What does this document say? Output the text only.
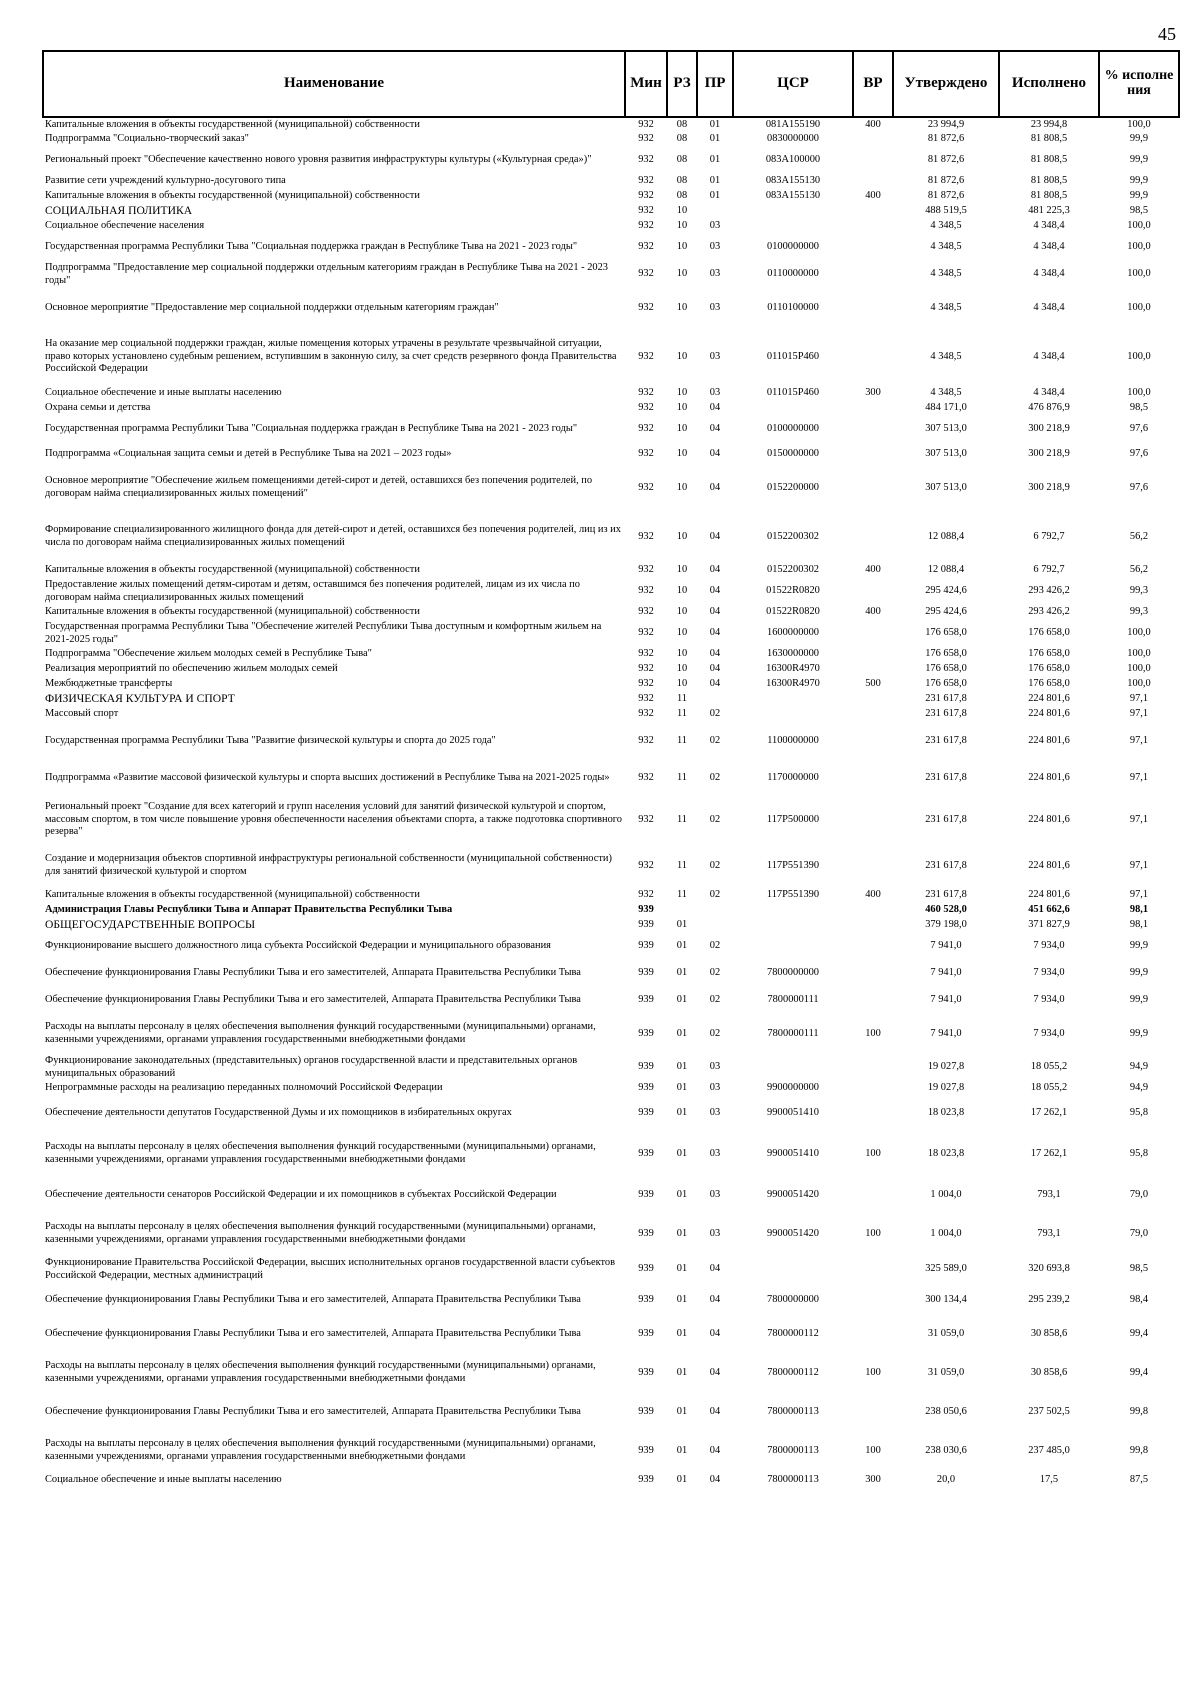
45
Наименование	Мин	РЗ	ПР	ЦСР	ВР	Утверждено	Исполнено	% исполне ния
Капитальные вложения в объекты государственной (муниципальной) собственности	932	08	01	081A155190	400	23 994,9	23 994,8	100,0
Подпрограмма "Социально-творческий заказ"	932	08	01	0830000000		81 872,6	81 808,5	99,9
Региональный проект "Обеспечение качественно нового уровня развития инфраструктуры культуры («Культурная среда»)"	932	08	01	083A100000		81 872,6	81 808,5	99,9
Развитие сети учреждений культурно-досугового типа	932	08	01	083A155130		81 872,6	81 808,5	99,9
Капитальные вложения в объекты государственной (муниципальной) собственности	932	08	01	083A155130	400	81 872,6	81 808,5	99,9
СОЦИАЛЬНАЯ ПОЛИТИКА	932	10				488 519,5	481 225,3	98,5
Социальное обеспечение населения	932	10	03			4 348,5	4 348,4	100,0
Государственная программа Республики Тыва "Социальная поддержка граждан в Республике Тыва на 2021 - 2023 годы"	932	10	03	0100000000		4 348,5	4 348,4	100,0
Подпрограмма "Предоставление мер социальной поддержки отдельным категориям граждан в Республике Тыва на 2021 - 2023 годы"	932	10	03	0110000000		4 348,5	4 348,4	100,0
Основное мероприятие "Предоставление мер социальной поддержки отдельным категориям граждан"	932	10	03	0110100000		4 348,5	4 348,4	100,0
На оказание мер социальной поддержки граждан, жилые помещения которых утрачены в результате чрезвычайной ситуации, право которых установлено судебным решением, вступившим в законную силу, за счет средств резервного фонда Правительства Российской Федерации	932	10	03	011015P460		4 348,5	4 348,4	100,0
Социальное обеспечение и иные выплаты населению	932	10	03	011015P460	300	4 348,5	4 348,4	100,0
Охрана семьи и детства	932	10	04			484 171,0	476 876,9	98,5
Государственная программа Республики Тыва "Социальная поддержка граждан в Республике Тыва на 2021 - 2023 годы"	932	10	04	0100000000		307 513,0	300 218,9	97,6
Подпрограмма «Социальная защита семьи и детей в Республике Тыва на 2021 – 2023 годы»	932	10	04	0150000000		307 513,0	300 218,9	97,6
Основное мероприятие "Обеспечение жильем помещениями детей-сирот и детей, оставшихся без попечения родителей, по договорам найма специализированных жилых помещений"	932	10	04	0152200000		307 513,0	300 218,9	97,6
Формирование специализированного жилищного фонда для детей-сирот и детей, оставшихся без попечения родителей, лиц из их числа по договорам найма специализированных жилых помещений	932	10	04	0152200302		12 088,4	6 792,7	56,2
Капитальные вложения в объекты государственной (муниципальной) собственности	932	10	04	0152200302	400	12 088,4	6 792,7	56,2
Предоставление жилых помещений детям-сиротам и детям, оставшимся без попечения родителей, лицам из их числа по договорам найма специализированных жилых помещений	932	10	04	01522R0820		295 424,6	293 426,2	99,3
Капитальные вложения в объекты государственной (муниципальной) собственности	932	10	04	01522R0820	400	295 424,6	293 426,2	99,3
Государственная программа Республики Тыва "Обеспечение жителей Республики Тыва доступным и комфортным жильем на 2021-2025 годы"	932	10	04	1600000000		176 658,0	176 658,0	100,0
Подпрограмма "Обеспечение жильем молодых семей в Республике Тыва"	932	10	04	1630000000		176 658,0	176 658,0	100,0
Реализация мероприятий по обеспечению жильем молодых семей	932	10	04	16300R4970		176 658,0	176 658,0	100,0
Межбюджетные трансферты	932	10	04	16300R4970	500	176 658,0	176 658,0	100,0
ФИЗИЧЕСКАЯ КУЛЬТУРА И СПОРТ	932	11				231 617,8	224 801,6	97,1
Массовый спорт	932	11	02			231 617,8	224 801,6	97,1
Государственная программа Республики Тыва "Развитие физической культуры и спорта до 2025 года"	932	11	02	1100000000		231 617,8	224 801,6	97,1
Подпрограмма «Развитие массовой физической культуры и спорта высших достижений в Республике Тыва на 2021-2025 годы»	932	11	02	1170000000		231 617,8	224 801,6	97,1
Региональный проект "Создание для всех категорий и групп населения условий для занятий физической культурой и спортом, массовым спортом, в том числе повышение уровня обеспеченности населения объектами спорта, а также подготовка спортивного резерва"	932	11	02	117P500000		231 617,8	224 801,6	97,1
Создание и модернизация объектов спортивной инфраструктуры региональной собственности (муниципальной собственности) для занятий физической культурой и спортом	932	11	02	117P551390		231 617,8	224 801,6	97,1
Капитальные вложения в объекты государственной (муниципальной) собственности	932	11	02	117P551390	400	231 617,8	224 801,6	97,1
Администрация Главы Республики Тыва и Аппарат Правительства Республики Тыва	939					460 528,0	451 662,6	98,1
ОБЩЕГОСУДАРСТВЕННЫЕ ВОПРОСЫ	939	01				379 198,0	371 827,9	98,1
Функционирование высшего должностного лица субъекта Российской Федерации и муниципального образования	939	01	02			7 941,0	7 934,0	99,9
Обеспечение функционирования Главы Республики Тыва и его заместителей, Аппарата Правительства Республики Тыва	939	01	02	7800000000		7 941,0	7 934,0	99,9
Обеспечение функционирования Главы Республики Тыва и его заместителей, Аппарата Правительства Республики Тыва	939	01	02	7800000111		7 941,0	7 934,0	99,9
Расходы на выплаты персоналу в целях обеспечения выполнения функций государственными (муниципальными) органами, казенными учреждениями, органами управления государственными внебюджетными фондами	939	01	02	7800000111	100	7 941,0	7 934,0	99,9
Функционирование законодательных (представительных) органов государственной власти и представительных органов муниципальных образований	939	01	03			19 027,8	18 055,2	94,9
Непрограммные расходы на реализацию переданных полномочий Российской Федерации	939	01	03	9900000000		19 027,8	18 055,2	94,9
Обеспечение деятельности депутатов Государственной Думы и их помощников в избирательных округах	939	01	03	9900051410		18 023,8	17 262,1	95,8
Расходы на выплаты персоналу в целях обеспечения выполнения функций государственными (муниципальными) органами, казенными учреждениями, органами управления государственными внебюджетными фондами	939	01	03	9900051410	100	18 023,8	17 262,1	95,8
Обеспечение деятельности сенаторов Российской Федерации и их помощников в субъектах Российской Федерации	939	01	03	9900051420		1 004,0	793,1	79,0
Расходы на выплаты персоналу в целях обеспечения выполнения функций государственными (муниципальными) органами, казенными учреждениями, органами управления государственными внебюджетными фондами	939	01	03	9900051420	100	1 004,0	793,1	79,0
Функционирование Правительства Российской Федерации, высших исполнительных органов государственной власти субъектов Российской Федерации, местных администраций	939	01	04			325 589,0	320 693,8	98,5
Обеспечение функционирования Главы Республики Тыва и его заместителей, Аппарата Правительства Республики Тыва	939	01	04	7800000000		300 134,4	295 239,2	98,4
Обеспечение функционирования Главы Республики Тыва и его заместителей, Аппарата Правительства Республики Тыва	939	01	04	7800000112		31 059,0	30 858,6	99,4
Расходы на выплаты персоналу в целях обеспечения выполнения функций государственными (муниципальными) органами, казенными учреждениями, органами управления государственными внебюджетными фондами	939	01	04	7800000112	100	31 059,0	30 858,6	99,4
Обеспечение функционирования Главы Республики Тыва и его заместителей, Аппарата Правительства Республики Тыва	939	01	04	7800000113		238 050,6	237 502,5	99,8
Расходы на выплаты персоналу в целях обеспечения выполнения функций государственными (муниципальными) органами, казенными учреждениями, органами управления государственными внебюджетными фондами	939	01	04	7800000113	100	238 030,6	237 485,0	99,8
Социальное обеспечение и иные выплаты населению	939	01	04	7800000113	300	20,0	17,5	87,5
